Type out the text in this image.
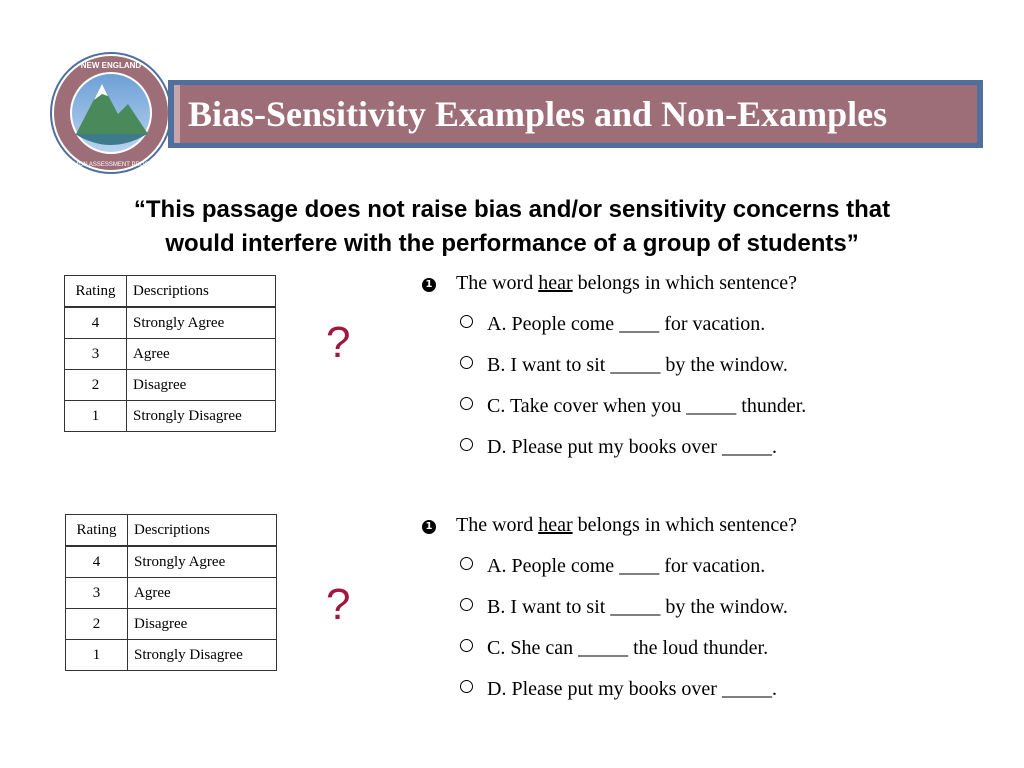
NEW ENGLAND
COMMON ASSESSMENT PROGRAM
Bias-Sensitivity Examples and Non-Examples
“This passage does not raise bias and/or sensitivity concerns that
would interfere with the performance of a group of students”
Rating	Descriptions
4	Strongly Agree
3	Agree
2	Disagree
1	Strongly Disagree
Rating	Descriptions
4	Strongly Agree
3	Agree
2	Disagree
1	Strongly Disagree
?
?
1 The word hear belongs in which sentence?
A. People come ____ for vacation.
B. I want to sit _____ by the window.
C. Take cover when you _____ thunder.
D. Please put my books over _____.
1 The word hear belongs in which sentence?
A. People come ____ for vacation.
B. I want to sit _____ by the window.
C. She can _____ the loud thunder.
D. Please put my books over _____.
